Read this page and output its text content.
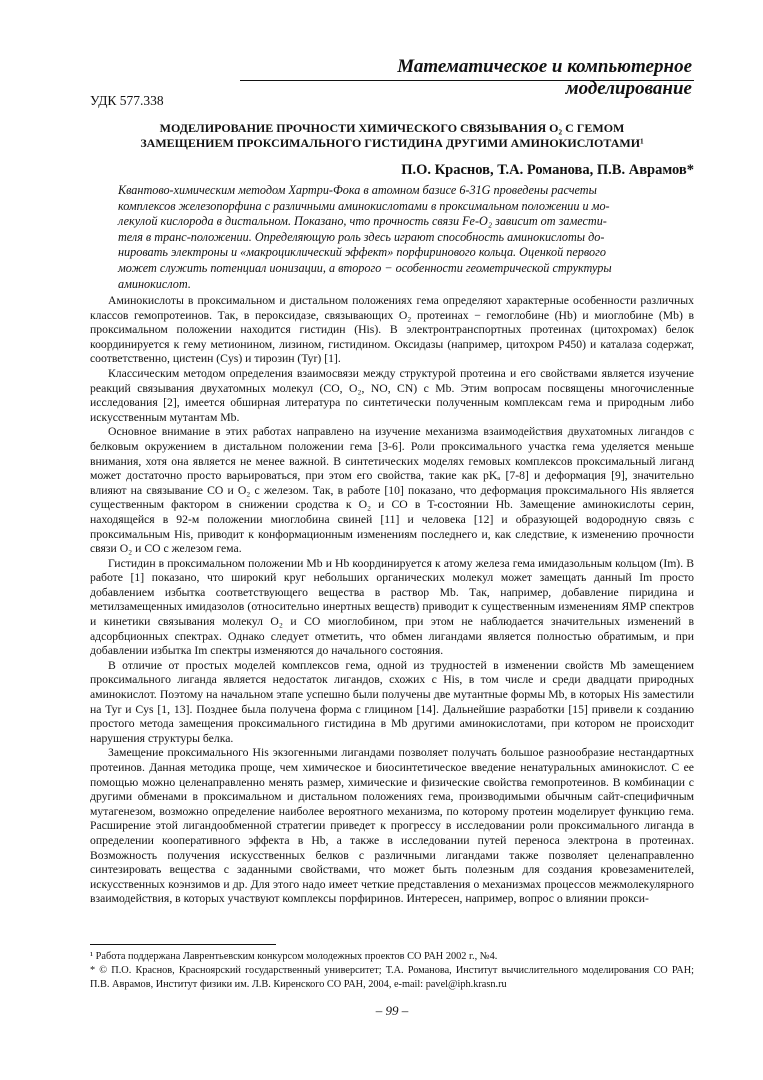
Математическое и компьютерное моделирование
УДК 577.338
МОДЕЛИРОВАНИЕ ПРОЧНОСТИ ХИМИЧЕСКОГО СВЯЗЫВАНИЯ O₂ С ГЕМОМ
ЗАМЕЩЕНИЕМ ПРОКСИМАЛЬНОГО ГИСТИДИНА ДРУГИМИ АМИНОКИСЛОТАМИ¹
П.О. Краснов, Т.А. Романова, П.В. Аврамов*
Квантово-химическим методом Хартри-Фока в атомном базисе 6-31G проведены расчеты
комплексов железопорфина с различными аминокислотами в проксимальном положении и мо-
лекулой кислорода в дистальном. Показано, что прочность связи Fe-O₂ зависит от замести-
теля в транс-положении. Определяющую роль здесь играют способность аминокислоты до-
нировать электроны и «макроциклический эффект» порфиринового кольца. Оценкой первого
может служить потенциал ионизации, а второго − особенности геометрической структуры
аминокислот.

Аминокислоты в проксимальном и дистальном положениях гема определяют характерные особенности различных классов гемопротеинов. Так, в пероксидазе, связывающих O₂ протеинах − гемоглобине (Hb) и миоглобине (Mb) в проксимальном положении находится гистидин (His). В электронтранспортных протеинах (цитохромах) белок координируется к гему метионином, лизином, гистидином. Оксидазы (например, цитохром P450) и каталаза содержат, соответственно, цистеин (Cys) и тирозин (Tyr) [1].

Классическим методом определения взаимосвязи между структурой протеина и его свойствами является изучение реакций связывания двухатомных молекул (CO, O₂, NO, CN) с Mb. Этим вопросам посвящены многочисленные исследования [2], имеется обширная литература по синтетически полученным комплексам гема и природным либо искусственным мутантам Mb.

Основное внимание в этих работах направлено на изучение механизма взаимодействия двухатомных лигандов с белковым окружением в дистальном положении гема [3-6]. Роли проксимального участка гема уделяется меньше внимания, хотя она является не менее важной. В синтетических моделях гемовых комплексов проксимальный лиганд может достаточно просто варьироваться, при этом его свойства, такие как pKₐ [7-8] и деформация [9], значительно влияют на связывание CO и O₂ с железом. Так, в работе [10] показано, что деформация проксимального His является существенным фактором в снижении сродства к O₂ и CO в T-состоянии Hb. Замещение аминокислоты серин, находящейся в 92-м положении миоглобина свиней [11] и человека [12] и образующей водородную связь с проксимальным His, приводит к конформационным изменениям последнего и, как следствие, к изменению прочности связи O₂ и CO с железом гема.

Гистидин в проксимальном положении Mb и Hb координируется к атому железа гема имидазольным кольцом (Im). В работе [1] показано, что широкий круг небольших органических молекул может замещать данный Im просто добавлением избытка соответствующего вещества в раствор Mb. Так, например, добавление пиридина и метилзамещенных имидазолов (относительно инертных веществ) приводит к существенным изменениям ЯМР спектров и кинетики связывания молекул O₂ и CO миоглобином, при этом не наблюдается значительных изменений в адсорбционных спектрах. Однако следует отметить, что обмен лигандами является полностью обратимым, и при добавлении избытка Im спектры изменяются до начального состояния.

В отличие от простых моделей комплексов гема, одной из трудностей в изменении свойств Mb замещением проксимального лиганда является недостаток лигандов, схожих с His, в том числе и среди двадцати природных аминокислот. Поэтому на начальном этапе успешно были получены две мутантные формы Mb, в которых His заместили на Tyr и Cys [1, 13]. Позднее была получена форма с глицином [14]. Дальнейшие разработки [15] привели к созданию простого метода замещения проксимального гистидина в Mb другими аминокислотами, при котором не происходит нарушения структуры белка.

Замещение проксимального His экзогенными лигандами позволяет получать большое разнообразие нестандартных протеинов. Данная методика проще, чем химическое и биосинтетическое введение ненатуральных аминокислот. С ее помощью можно целенаправленно менять размер, химические и физические свойства гемопротеинов. В комбинации с другими обменами в проксимальном и дистальном положениях гема, производимыми обычным сайт-специфичным мутагенезом, возможно определение наиболее вероятного механизма, по которому протеин моделирует функцию гема. Расширение этой лигандообменной стратегии приведет к прогрессу в исследовании роли проксимального лиганда в определении кооперативного эффекта в Hb, а также в исследовании путей переноса электрона в протеинах. Возможность получения искусственных белков с различными лигандами также позволяет целенаправленно синтезировать вещества с заданными свойствами, что может быть полезным для создания кровезаменителей, искусственных коэнзимов и др. Для этого надо имеет четкие представления о механизмах процессов межмолекулярного взаимодействия, в которых участвуют комплексы порфиринов. Интересен, например, вопрос о влиянии прокси-

¹ Работа поддержана Лаврентьевским конкурсом молодежных проектов СО РАН 2002 г., №4.
* © П.О. Краснов, Красноярский государственный университет; Т.А. Романова, Институт вычислительного моделирования СО РАН; П.В. Аврамов, Институт физики им. Л.В. Киренского СО РАН, 2004, e-mail: pavel@iph.krasn.ru
– 99 –
